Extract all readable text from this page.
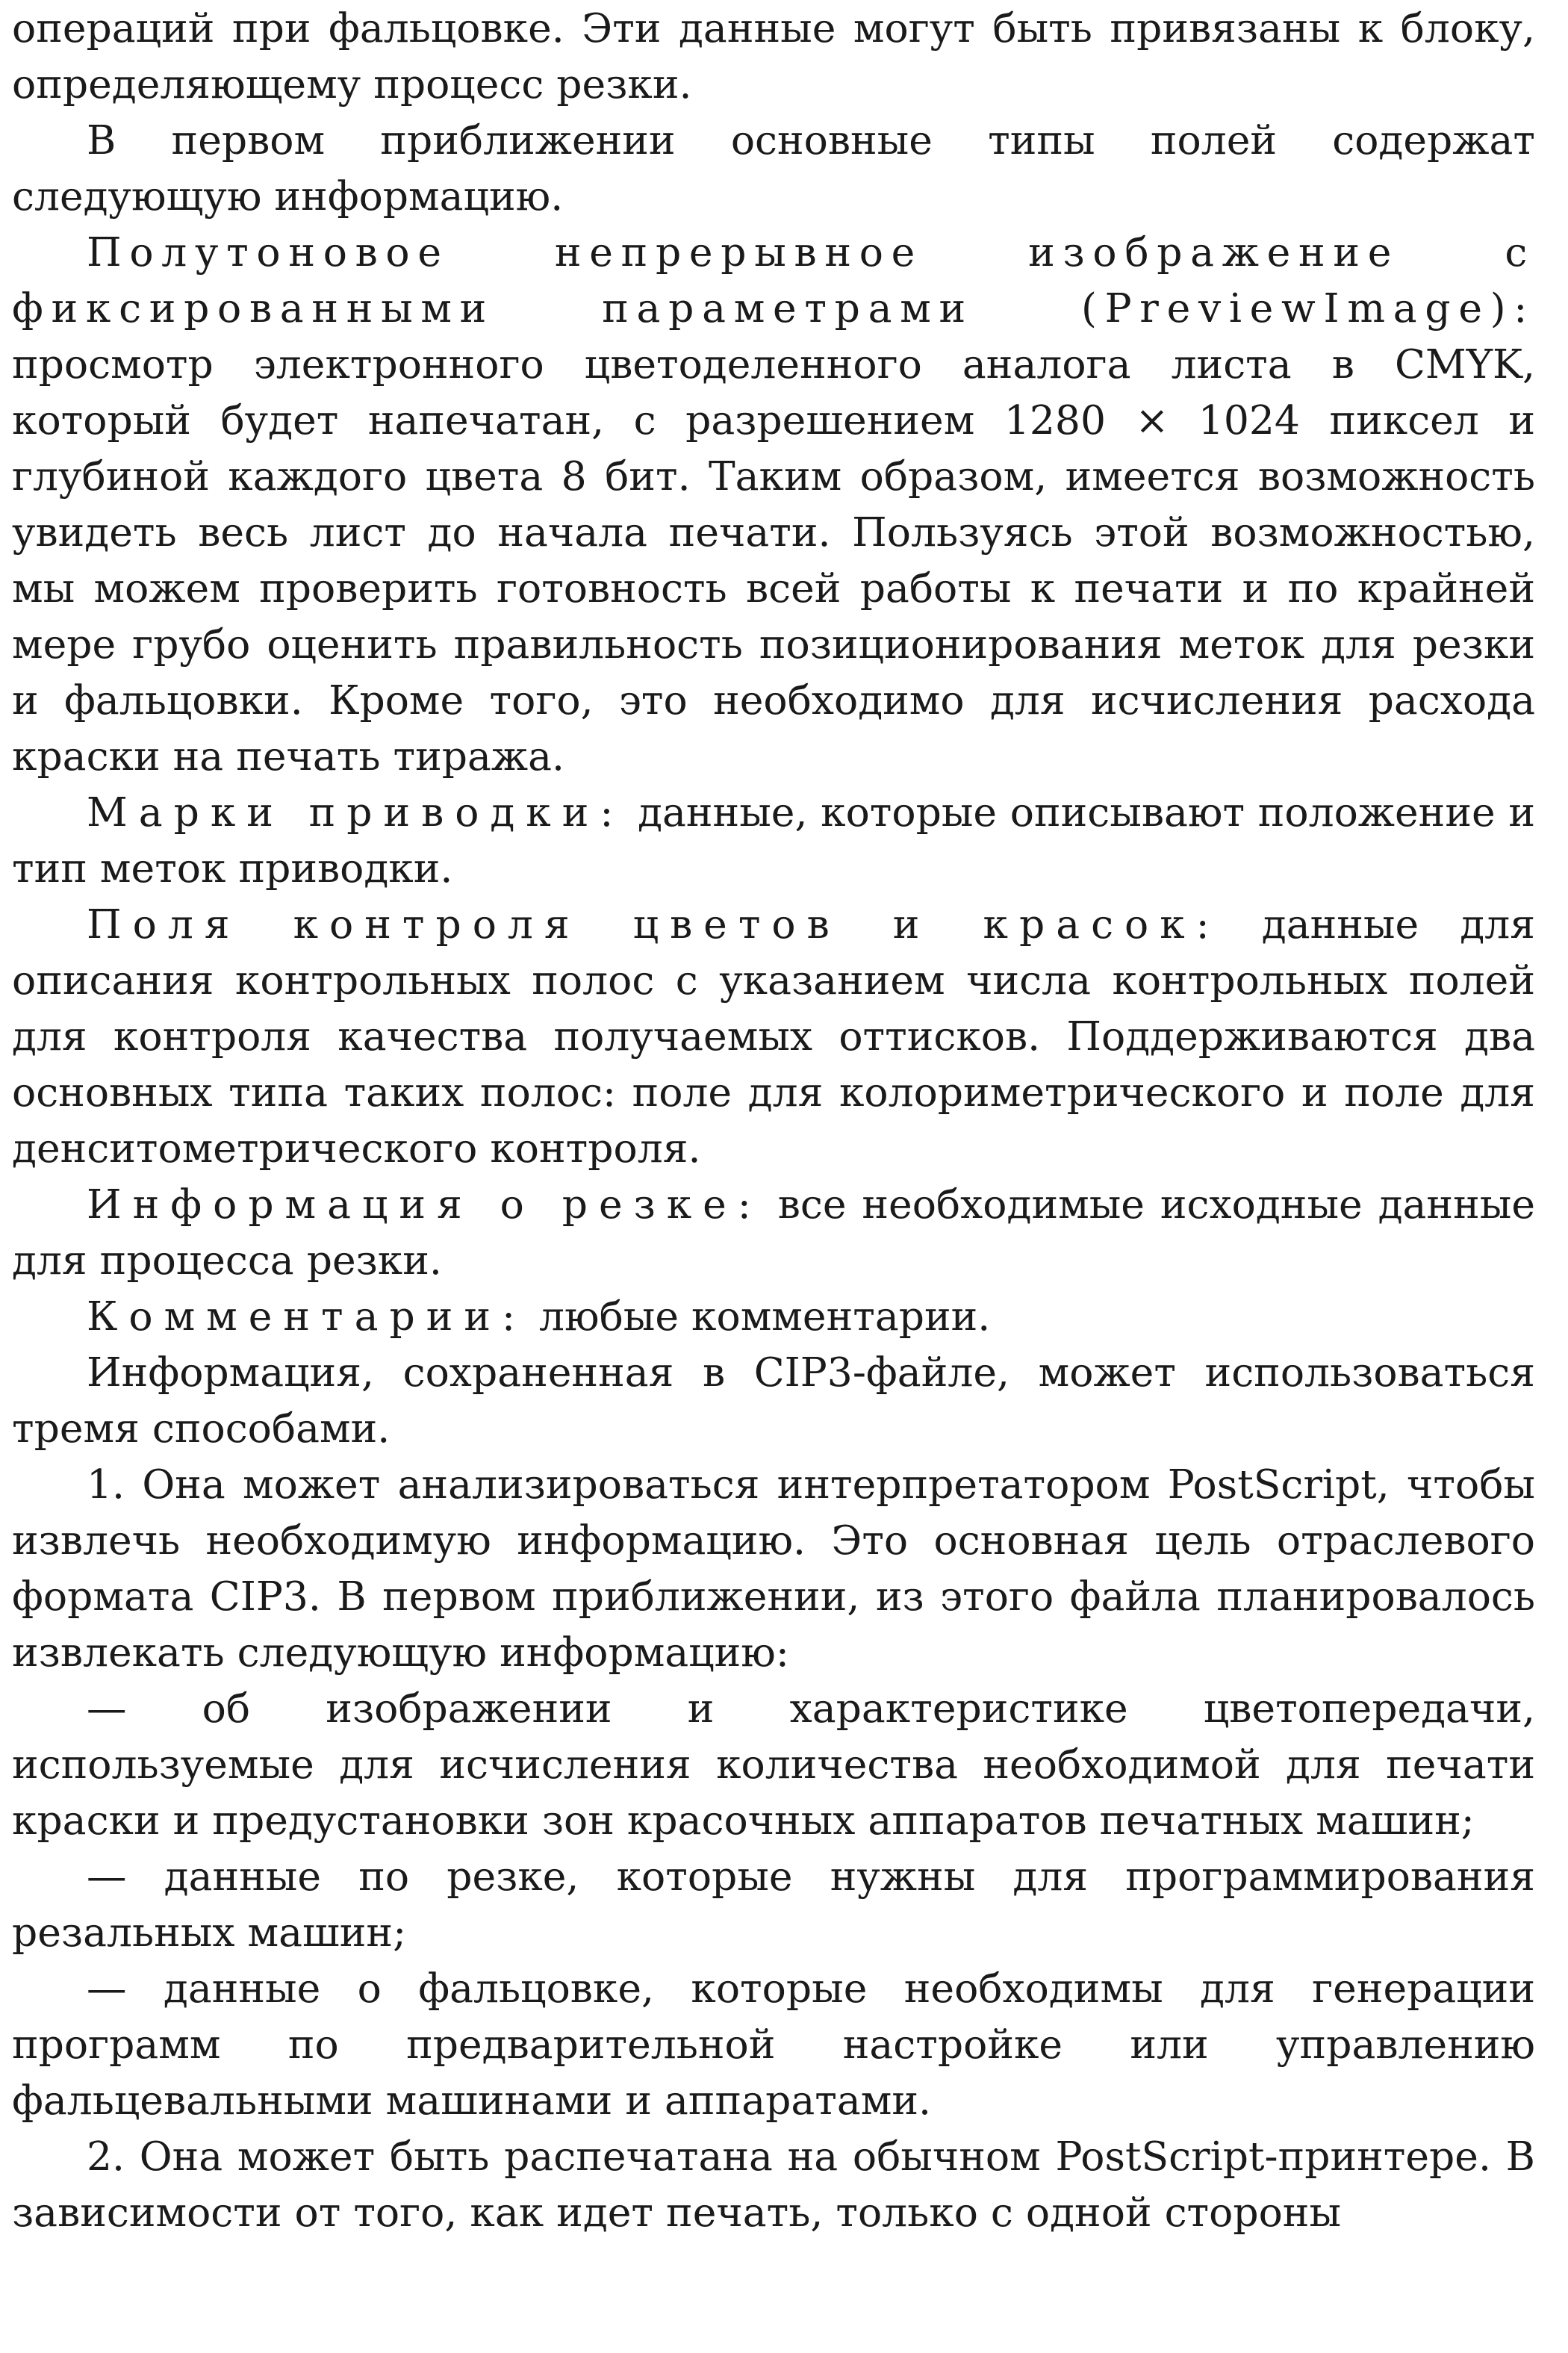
операций при фальцовке. Эти данные могут быть привязаны к блоку, определяющему процесс резки.

В первом приближении основные типы полей содержат следующую информацию.

Полутоновое непрерывное изображение с фиксированными параметрами (PreviewImage): просмотр электронного цветоделенного аналога листа в CMYK, который будет напечатан, с разрешением 1280 × 1024 пиксел и глубиной каждого цвета 8 бит. Таким образом, имеется возможность увидеть весь лист до начала печати. Пользуясь этой возможностью, мы можем проверить готовность всей работы к печати и по крайней мере грубо оценить правильность позиционирования меток для резки и фальцовки. Кроме того, это необходимо для исчисления расхода краски на печать тиража.

Марки приводки: данные, которые описывают положение и тип меток приводки.

Поля контроля цветов и красок: данные для описания контрольных полос с указанием числа контрольных полей для контроля качества получаемых оттисков. Поддерживаются два основных типа таких полос: поле для колориметрического и поле для денситометрического контроля.

Информация о резке: все необходимые исходные данные для процесса резки.

Комментарии: любые комментарии.

Информация, сохраненная в CIP3-файле, может использоваться тремя способами.

1. Она может анализироваться интерпретатором PostScript, чтобы извлечь необходимую информацию. Это основная цель отраслевого формата CIP3. В первом приближении, из этого файла планировалось извлекать следующую информацию:

— об изображении и характеристике цветопередачи, используемые для исчисления количества необходимой для печати краски и предустановки зон красочных аппаратов печатных машин;

— данные по резке, которые нужны для программирования резальных машин;

— данные о фальцовке, которые необходимы для генерации программ по предварительной настройке или управлению фальцевальными машинами и аппаратами.

2. Она может быть распечатана на обычном PostScript-принтере. В зависимости от того, как идет печать, только с одной стороны
